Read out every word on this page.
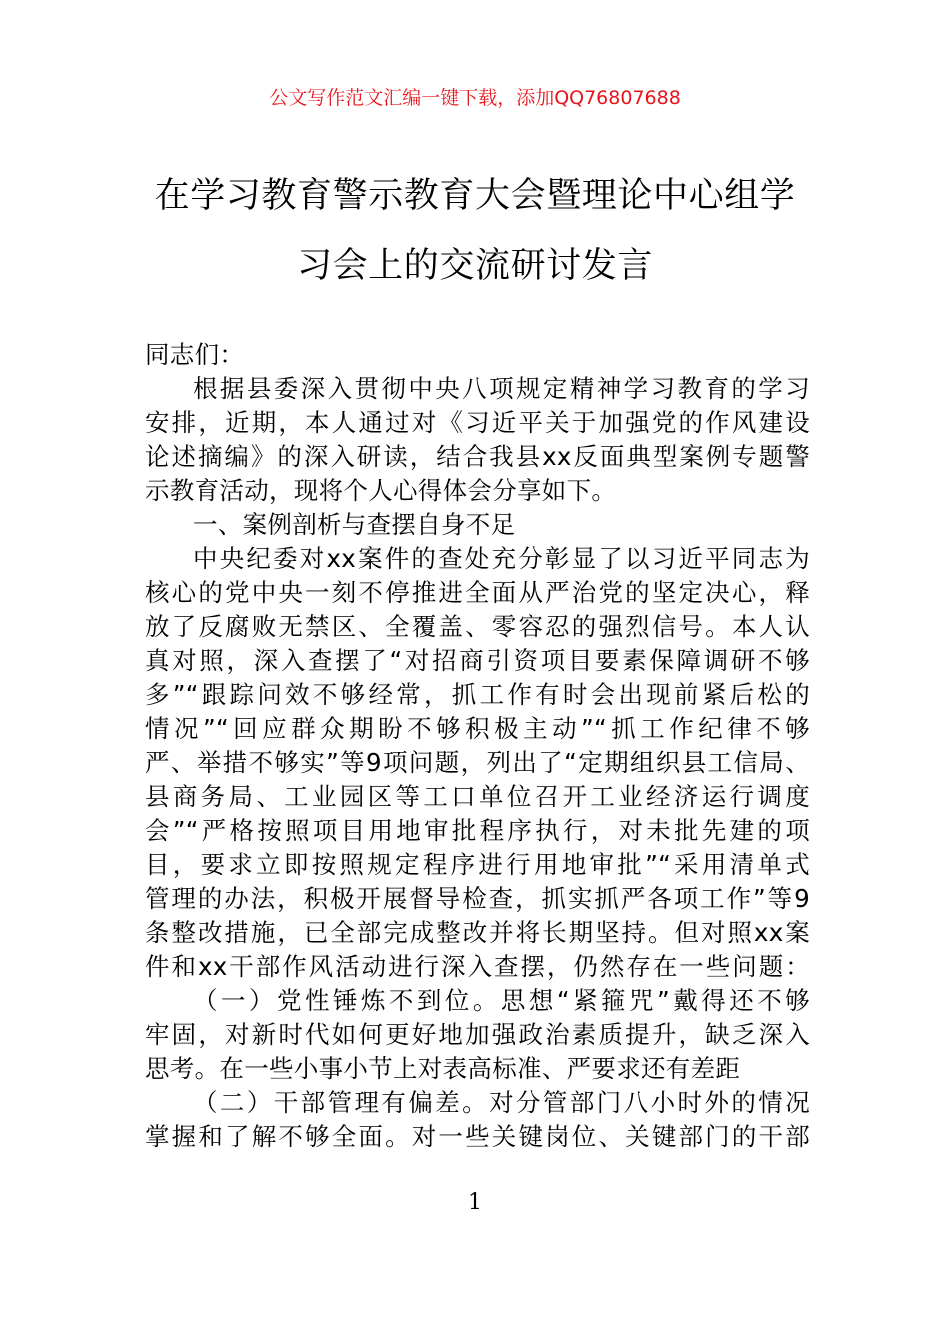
公文写作范文汇编一键下载，添加QQ76807688
在学习教育警示教育大会暨理论中心组学
习会上的交流研讨发言
同志们：
根据县委深入贯彻中央八项规定精神学习教育的学习
安排，近期，本人通过对《习近平关于加强党的作风建设
论述摘编》的深入研读，结合我县xx反面典型案例专题警
示教育活动，现将个人心得体会分享如下。
一、案例剖析与查摆自身不足
中央纪委对xx案件的查处充分彰显了以习近平同志为
核心的党中央一刻不停推进全面从严治党的坚定决心，释
放了反腐败无禁区、全覆盖、零容忍的强烈信号。本人认
真对照，深入查摆了“对招商引资项目要素保障调研不够
多”“跟踪问效不够经常，抓工作有时会出现前紧后松的
情况”“回应群众期盼不够积极主动”“抓工作纪律不够
严、举措不够实”等9项问题，列出了“定期组织县工信局、
县商务局、工业园区等工口单位召开工业经济运行调度
会”“严格按照项目用地审批程序执行，对未批先建的项
目，要求立即按照规定程序进行用地审批”“采用清单式
管理的办法，积极开展督导检查，抓实抓严各项工作”等9
条整改措施，已全部完成整改并将长期坚持。但对照xx案
件和xx干部作风活动进行深入查摆，仍然存在一些问题：
（一）党性锤炼不到位。思想“紧箍咒”戴得还不够
牢固，对新时代如何更好地加强政治素质提升，缺乏深入
思考。在一些小事小节上对表高标准、严要求还有差距
（二）干部管理有偏差。对分管部门八小时外的情况
掌握和了解不够全面。对一些关键岗位、关键部门的干部
1
